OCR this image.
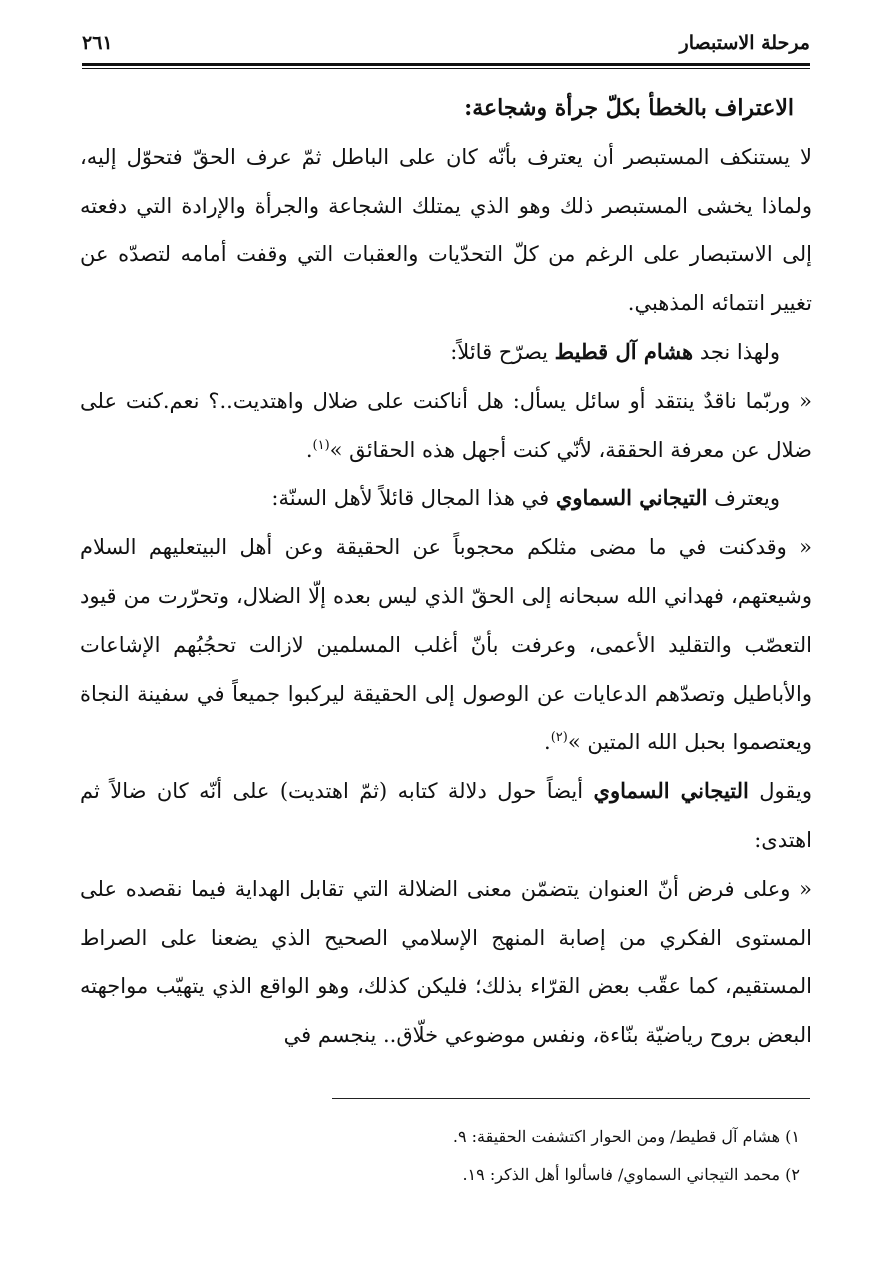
مرحلة الاستبصار
٢٦١

الاعتراف بالخطأ بكلّ جرأة وشجاعة:

لا يستنكف المستبصر أن يعترف بأنّه كان على الباطل ثمّ عرف الحقّ فتحوّل إليه، ولماذا يخشى المستبصر ذلك وهو الذي يمتلك الشجاعة والجرأة والإرادة التي دفعته إلى الاستبصار على الرغم من كلّ التحدّيات والعقبات التي وقفت أمامه لتصدّه عن تغيير انتمائه المذهبي.

ولهذا نجد هشام آل قطيط يصرّح قائلاً:

« وربّما ناقدٌ ينتقد أو سائل يسأل: هل أناكنت على ضلال واهتديت..؟ نعم.كنت على ضلال عن معرفة الحققة، لأنّي كنت أجهل هذه الحقائق »$^{(١)}$.

ويعترف التيجاني السماوي في هذا المجال قائلاً لأهل السنّة:

« وقدكنت في ما مضى مثلكم محجوباً عن الحقيقة وعن أهل البيتعليهم السلام وشيعتهم، فهداني الله سبحانه إلى الحقّ الذي ليس بعده إلّا الضلال، وتحرّرت من قيود التعصّب والتقليد الأعمى، وعرفت بأنّ أغلب المسلمين لازالت تحجُبُهم الإشاعات والأباطيل وتصدّهم الدعايات عن الوصول إلى الحقيقة ليركبوا جميعاً في سفينة النجاة ويعتصموا بحبل الله المتين »$^{(٢)}$.

ويقول التيجاني السماوي أيضاً حول دلالة كتابه (ثمّ اهتديت) على أنّه كان ضالاً ثم اهتدى:

« وعلى فرض أنّ العنوان يتضمّن معنى الضلالة التي تقابل الهداية فيما نقصده على المستوى الفكري من إصابة المنهج الإسلامي الصحيح الذي يضعنا على الصراط المستقيم، كما عقّب بعض القرّاء بذلك؛ فليكن كذلك، وهو الواقع الذي يتهيّب مواجهته البعض بروح رياضيّة بنّاءة، ونفس موضوعي خلّاق.. ينجسم في

١) هشام آل قطيط/ ومن الحوار اكتشفت الحقيقة: ٩.

٢) محمد التيجاني السماوي/ فاسألوا أهل الذكر: ١٩.
